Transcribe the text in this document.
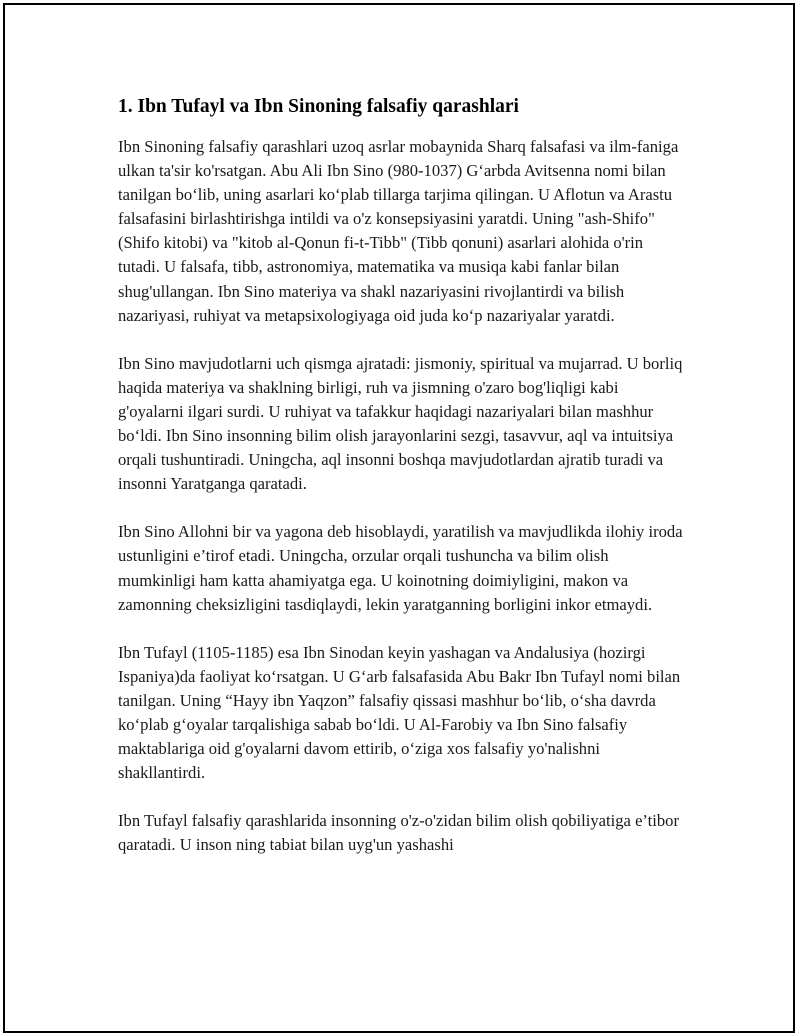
1. Ibn Tufayl va Ibn Sinoning falsafiy qarashlari

Ibn Sinoning falsafiy qarashlari uzoq asrlar mobaynida Sharq falsafasi va ilm-faniga ulkan ta'sir ko'rsatgan. Abu Ali Ibn Sino (980-1037) G‘arbda Avitsenna nomi bilan tanilgan bo‘lib, uning asarlari ko‘plab tillarga tarjima qilingan. U Aflotun va Arastu falsafasini birlashtirishga intildi va o'z konsepsiyasini yaratdi. Uning "ash-Shifo" (Shifo kitobi) va "kitob al-Qonun fi-t-Tibb" (Tibb qonuni) asarlari alohida o'rin tutadi. U falsafa, tibb, astronomiya, matematika va musiqa kabi fanlar bilan shug'ullangan. Ibn Sino materiya va shakl nazariyasini rivojlantirdi va bilish nazariyasi, ruhiyat va metapsixologiyaga oid juda ko‘p nazariyalar yaratdi.

Ibn Sino mavjudotlarni uch qismga ajratadi: jismoniy, spiritual va mujarrad. U borliq haqida materiya va shaklning birligi, ruh va jismning o'zaro bog'liqligi kabi g'oyalarni ilgari surdi. U ruhiyat va tafakkur haqidagi nazariyalari bilan mashhur bo‘ldi. Ibn Sino insonning bilim olish jarayonlarini sezgi, tasavvur, aql va intuitsiya orqali tushuntiradi. Uningcha, aql insonni boshqa mavjudotlardan ajratib turadi va insonni Yaratganga qaratadi.

Ibn Sino Allohni bir va yagona deb hisoblaydi, yaratilish va mavjudlikda ilohiy iroda ustunligini e’tirof etadi. Uningcha, orzular orqali tushuncha va bilim olish mumkinligi ham katta ahamiyatga ega. U koinotning doimiyligini, makon va zamonning cheksizligini tasdiqlaydi, lekin yaratganning borligini inkor etmaydi.

Ibn Tufayl (1105-1185) esa Ibn Sinodan keyin yashagan va Andalusiya (hozirgi Ispaniya)da faoliyat ko‘rsatgan. U G‘arb falsafasida Abu Bakr Ibn Tufayl nomi bilan tanilgan. Uning “Hayy ibn Yaqzon” falsafiy qissasi mashhur bo‘lib, o‘sha davrda ko‘plab g‘oyalar tarqalishiga sabab bo‘ldi. U Al-Farobiy va Ibn Sino falsafiy maktablariga oid g'oyalarni davom ettirib, o‘ziga xos falsafiy yo'nalishni shakllantirdi.

Ibn Tufayl falsafiy qarashlarida insonning o'z-o'zidan bilim olish qobiliyatiga e’tibor qaratadi. U inson ning tabiat bilan uyg'un yashashi
